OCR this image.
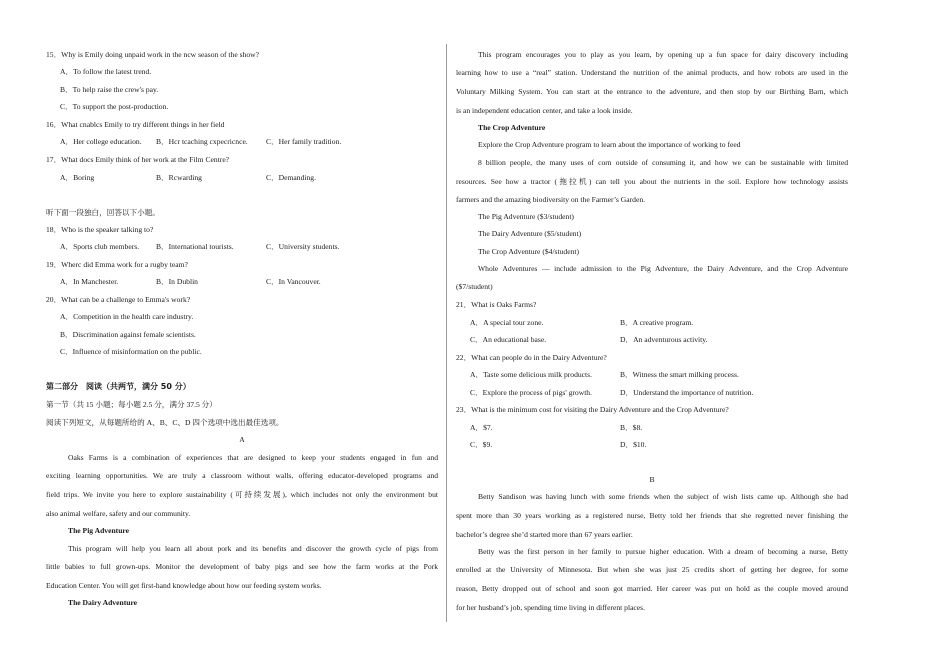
15．Why is Emily doing unpaid work in the ncw season of the show?
A．To follow the latest trend.
B．To help raise the crew's pay.
C．To support the post-production.
16．What cnablcs Emily to try different things in her field
A．Her college education. B．Hcr tcaching cxpecricnce. C．Her family tradition.
17．What docs Emily think of her work at the Film Centre?
A．Boring	B．Rcwarding	C．Demanding.
听下面一段独白，回答以下小题。
18．Who is the speaker talking to?
A．Sports club members. B．International tourists.	C．University students.
19．Wherc did Emma work for a rugby team?
A．In Manchester.	B．In Dublin	C．In Vancouver.
20．What can be a challenge to Emma's work?
A．Competition in the health care industry.
B．Discrimination against female scientists.
C．Influence of misinformation on the public.
第二部分　阅读（共两节，满分 50 分）
第一节（共 15 小题；每小题 2.5 分，满分 37.5 分）
阅读下列短文，从每题所给的 A、B、C、D 四个选项中选出最佳选项。
A
Oaks Farms is a combination of experiences that are designed to keep your students engaged in fun and
exciting learning opportunities. We are truly a classroom without walls, offering educator-developed programs and
field trips. We invite you here to explore sustainability (可持续发展), which includes not only the environment but
also animal welfare, safety and our community.
The Pig Adventure
This program will help you learn all about pork and its benefits and discover the growth cycle of pigs from
little babies to full grown-ups. Monitor the development of baby pigs and see how the farm works at the Pork
Education Center. You will get first-hand knowledge about how our feeding system works.
The Dairy Adventure
This program encourages you to play as you learn, by opening up a fun space for dairy discovery including
learning how to use a “real” station. Understand the nutrition of the animal products, and how robots are used in the
Voluntary Milking System. You can start at the entrance to the adventure, and then stop by our Birthing Barn, which
is an independent education center, and take a look inside.
The Crop Adventure
Explore the Crop Adventure program to learn about the importance of working to feed
8 billion people, the many uses of corn outside of consuming it, and how we can be sustainable with limited
resources. See how a tractor (拖拉机) can tell you about the nutrients in the soil. Explore how technology assists
farmers and the amazing biodiversity on the Farmer’s Garden.
The Pig Adventure ($3/student)
The Dairy Adventure ($5/student)
The Crop Adventure ($4/student)
Whole Adventures — include admission to the Pig Adventure, the Dairy Adventure, and the Crop Adventure
($7/student)
21．What is Oaks Farms?
A．A special tour zone.	B．A creative program.
C．An educational base.	D．An adventurous activity.
22．What can people do in the Dairy Adventure?
A．Taste some delicious milk products.	B．Witness the smart milking process.
C．Explore the process of pigs' growth.	D．Understand the importance of nutrition.
23．What is the minimum cost for visiting the Dairy Adventure and the Crop Adventure?
A．$7.	B．$8.
C．$9.	D．$10.
B
Betty Sandison was having lunch with some friends when the subject of wish lists came up. Although she had
spent more than 30 years working as a registered nurse, Betty told her friends that she regretted never finishing the
bachelor’s degree she’d started more than 67 years earlier.
Betty was the first person in her family to pursue higher education. With a dream of becoming a nurse, Betty
enrolled at the University of Minnesota. But when she was just 25 credits short of getting her degree, for some
reason, Betty dropped out of school and soon got married. Her career was put on hold as the couple moved around
for her husband’s job, spending time living in different places.
